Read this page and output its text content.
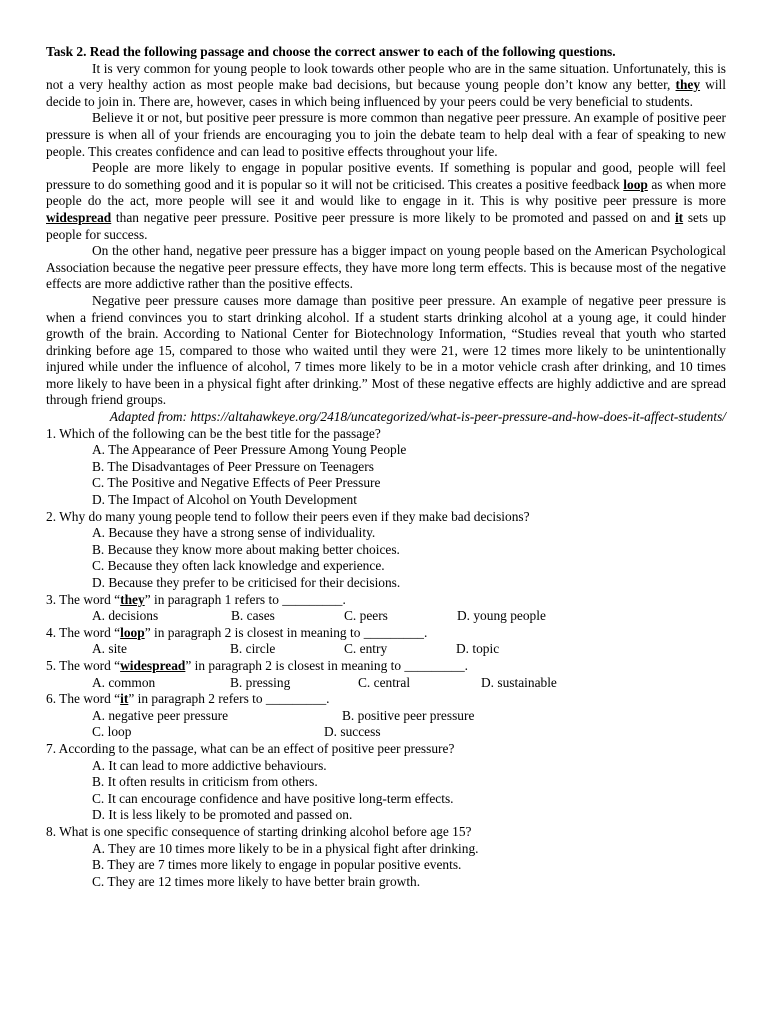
Task 2. Read the following passage and choose the correct answer to each of the following questions.

It is very common for young people to look towards other people who are in the same situation. Unfortunately, this is not a very healthy action as most people make bad decisions, but because young people don’t know any better, they will decide to join in. There are, however, cases in which being influenced by your peers could be very beneficial to students.

Believe it or not, but positive peer pressure is more common than negative peer pressure. An example of positive peer pressure is when all of your friends are encouraging you to join the debate team to help deal with a fear of speaking to new people. This creates confidence and can lead to positive effects throughout your life.

People are more likely to engage in popular positive events. If something is popular and good, people will feel pressure to do something good and it is popular so it will not be criticised. This creates a positive feedback loop as when more people do the act, more people will see it and would like to engage in it. This is why positive peer pressure is more widespread than negative peer pressure. Positive peer pressure is more likely to be promoted and passed on and it sets up people for success.

On the other hand, negative peer pressure has a bigger impact on young people based on the American Psychological Association because the negative peer pressure effects, they have more long term effects. This is because most of the negative effects are more addictive rather than the positive effects.

Negative peer pressure causes more damage than positive peer pressure. An example of negative peer pressure is when a friend convinces you to start drinking alcohol. If a student starts drinking alcohol at a young age, it could hinder growth of the brain. According to National Center for Biotechnology Information, “Studies reveal that youth who started drinking before age 15, compared to those who waited until they were 21, were 12 times more likely to be unintentionally injured while under the influence of alcohol, 7 times more likely to be in a motor vehicle crash after drinking, and 10 times more likely to have been in a physical fight after drinking.” Most of these negative effects are highly addictive and are spread through friend groups.

Adapted from: https://altahawkeye.org/2418/uncategorized/what-is-peer-pressure-and-how-does-it-affect-students/

1. Which of the following can be the best title for the passage?

A. The Appearance of Peer Pressure Among Young People
B. The Disadvantages of Peer Pressure on Teenagers
C. The Positive and Negative Effects of Peer Pressure
D. The Impact of Alcohol on Youth Development

2. Why do many young people tend to follow their peers even if they make bad decisions?

A. Because they have a strong sense of individuality.
B. Because they know more about making better choices.
C. Because they often lack knowledge and experience.
D. Because they prefer to be criticised for their decisions.

3. The word “they” in paragraph 1 refers to _________.

A. decisions	B. cases	C. peers	D. young people

4. The word “loop” in paragraph 2 is closest in meaning to _________.

A. site	B. circle	C. entry	D. topic

5. The word “widespread” in paragraph 2 is closest in meaning to _________.

A. common	B. pressing	C. central	D. sustainable

6. The word “it” in paragraph 2 refers to _________.

A. negative peer pressure	B. positive peer pressure
C. loop	D. success

7. According to the passage, what can be an effect of positive peer pressure?

A. It can lead to more addictive behaviours.
B. It often results in criticism from others.
C. It can encourage confidence and have positive long-term effects.
D. It is less likely to be promoted and passed on.

8. What is one specific consequence of starting drinking alcohol before age 15?

A. They are 10 times more likely to be in a physical fight after drinking.
B. They are 7 times more likely to engage in popular positive events.
C. They are 12 times more likely to have better brain growth.
